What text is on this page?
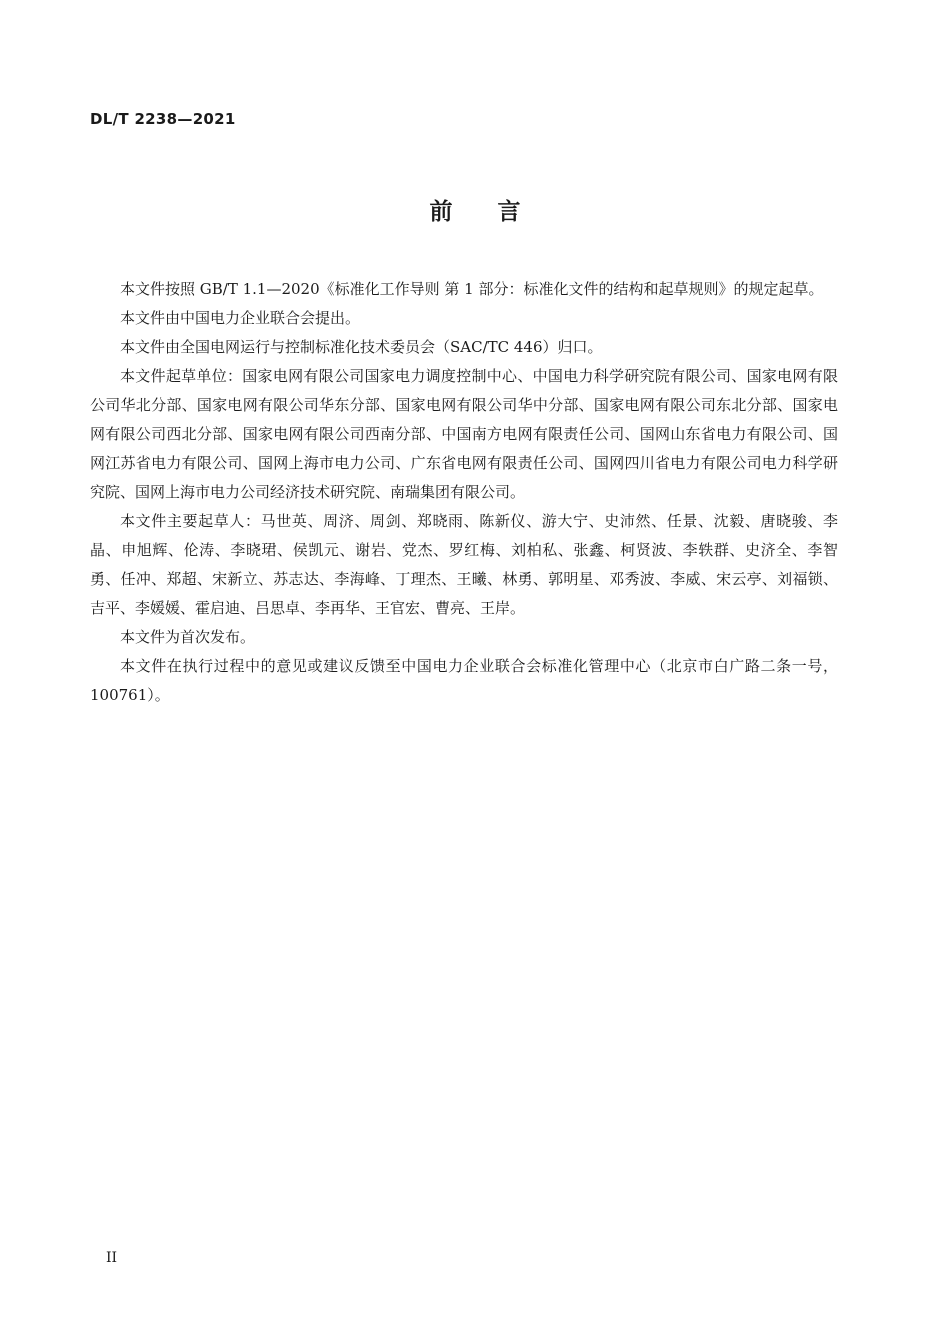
DL/T 2238—2021
前言

本文件按照 GB/T 1.1—2020《标准化工作导则 第 1 部分：标准化文件的结构和起草规则》的规定起草。

本文件由中国电力企业联合会提出。

本文件由全国电网运行与控制标准化技术委员会（SAC/TC 446）归口。

本文件起草单位：国家电网有限公司国家电力调度控制中心、中国电力科学研究院有限公司、国家电网有限公司华北分部、国家电网有限公司华东分部、国家电网有限公司华中分部、国家电网有限公司东北分部、国家电网有限公司西北分部、国家电网有限公司西南分部、中国南方电网有限责任公司、国网山东省电力有限公司、国网江苏省电力有限公司、国网上海市电力公司、广东省电网有限责任公司、国网四川省电力有限公司电力科学研究院、国网上海市电力公司经济技术研究院、南瑞集团有限公司。

本文件主要起草人：马世英、周济、周剑、郑晓雨、陈新仪、游大宁、史沛然、任景、沈毅、唐晓骏、李晶、申旭辉、伦涛、李晓珺、侯凯元、谢岩、党杰、罗红梅、刘柏私、张鑫、柯贤波、李轶群、史济全、李智勇、任冲、郑超、宋新立、苏志达、李海峰、丁理杰、王曦、林勇、郭明星、邓秀波、李威、宋云亭、刘福锁、吉平、李媛媛、霍启迪、吕思卓、李再华、王官宏、曹亮、王岸。

本文件为首次发布。

本文件在执行过程中的意见或建议反馈至中国电力企业联合会标准化管理中心（北京市白广路二条一号，100761）。

II
